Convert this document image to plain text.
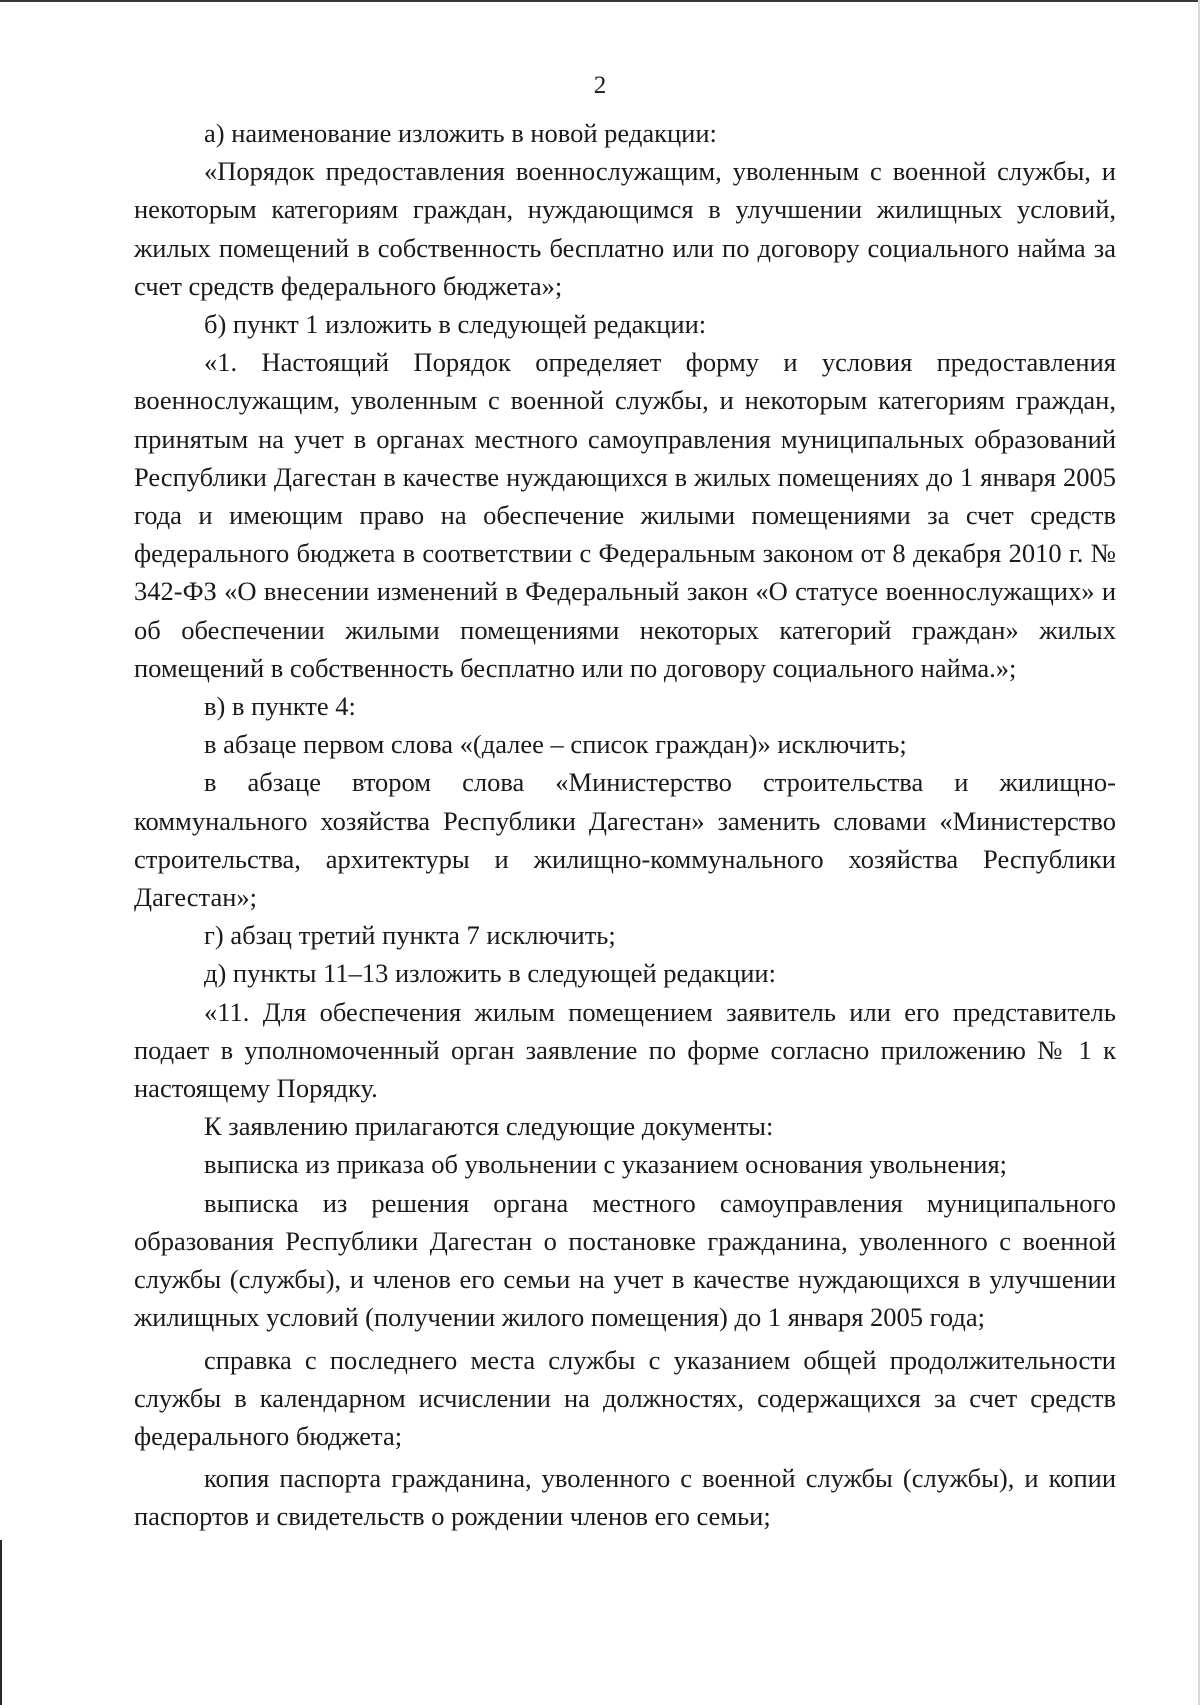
2

а) наименование изложить в новой редакции:

«Порядок предоставления военнослужащим, уволенным с военной службы, и некоторым категориям граждан, нуждающимся в улучшении жилищных условий, жилых помещений в собственность бесплатно или по договору социального найма за счет средств федерального бюджета»;

б) пункт 1 изложить в следующей редакции:

«1. Настоящий Порядок определяет форму и условия предоставления военнослужащим, уволенным с военной службы, и некоторым категориям граждан, принятым на учет в органах местного самоуправления муниципальных образований Республики Дагестан в качестве нуждающихся в жилых помещениях до 1 января 2005 года и имеющим право на обеспечение жилыми помещениями за счет средств федерального бюджета в соответствии с Федеральным законом от 8 декабря 2010 г. № 342-ФЗ «О внесении изменений в Федеральный закон «О статусе военнослужащих» и об обеспечении жилыми помещениями некоторых категорий граждан» жилых помещений в собственность бесплатно или по договору социального найма.»;

в) в пункте 4:

в абзаце первом слова «(далее – список граждан)» исключить;

в абзаце втором слова «Министерство строительства и жилищно-коммунального хозяйства Республики Дагестан» заменить словами «Министерство строительства, архитектуры и жилищно-коммунального хозяйства Республики Дагестан»;

г) абзац третий пункта 7 исключить;

д) пункты 11–13 изложить в следующей редакции:

«11. Для обеспечения жилым помещением заявитель или его представитель подает в уполномоченный орган заявление по форме согласно приложению № 1 к настоящему Порядку.

К заявлению прилагаются следующие документы:

выписка из приказа об увольнении с указанием основания увольнения;

выписка из решения органа местного самоуправления муниципального образования Республики Дагестан о постановке гражданина, уволенного с военной службы (службы), и членов его семьи на учет в качестве нуждающихся в улучшении жилищных условий (получении жилого помещения) до 1 января 2005 года;

справка с последнего места службы с указанием общей продолжительности службы в календарном исчислении на должностях, содержащихся за счет средств федерального бюджета;

копия паспорта гражданина, уволенного с военной службы (службы), и копии паспортов и свидетельств о рождении членов его семьи;
